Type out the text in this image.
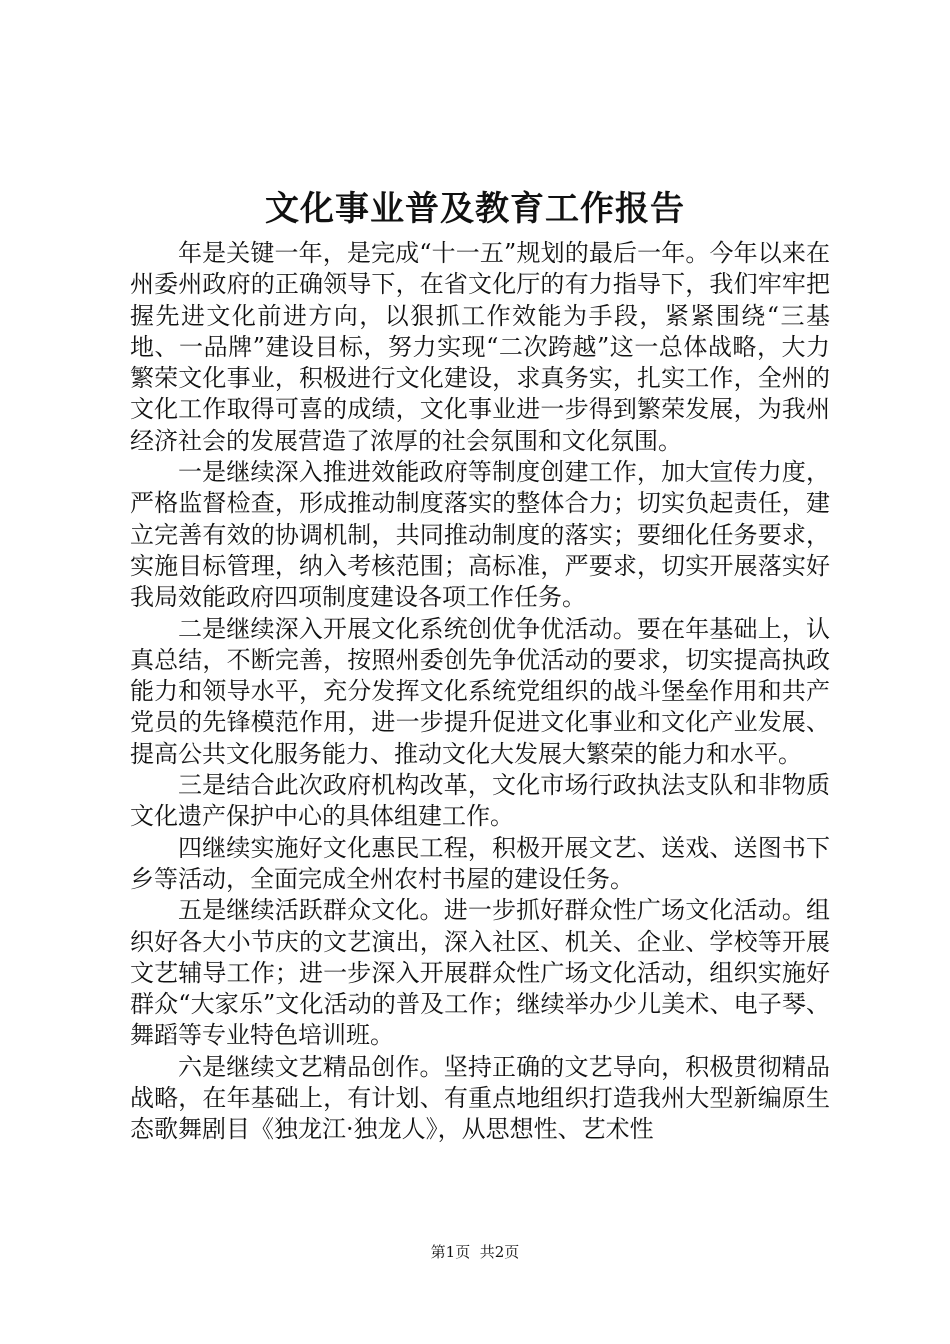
文化事业普及教育工作报告

年是关键一年，是完成“十一五”规划的最后一年。今年以来在州委州政府的正确领导下，在省文化厅的有力指导下，我们牢牢把握先进文化前进方向，以狠抓工作效能为手段，紧紧围绕“三基地、一品牌”建设目标，努力实现“二次跨越”这一总体战略，大力繁荣文化事业，积极进行文化建设，求真务实，扎实工作，全州的文化工作取得可喜的成绩，文化事业进一步得到繁荣发展，为我州经济社会的发展营造了浓厚的社会氛围和文化氛围。

一是继续深入推进效能政府等制度创建工作，加大宣传力度，严格监督检查，形成推动制度落实的整体合力；切实负起责任，建立完善有效的协调机制，共同推动制度的落实；要细化任务要求，实施目标管理，纳入考核范围；高标准，严要求，切实开展落实好我局效能政府四项制度建设各项工作任务。

二是继续深入开展文化系统创优争优活动。要在年基础上，认真总结，不断完善，按照州委创先争优活动的要求，切实提高执政能力和领导水平，充分发挥文化系统党组织的战斗堡垒作用和共产党员的先锋模范作用，进一步提升促进文化事业和文化产业发展、提高公共文化服务能力、推动文化大发展大繁荣的能力和水平。

三是结合此次政府机构改革，文化市场行政执法支队和非物质文化遗产保护中心的具体组建工作。

四继续实施好文化惠民工程，积极开展文艺、送戏、送图书下乡等活动，全面完成全州农村书屋的建设任务。

五是继续活跃群众文化。进一步抓好群众性广场文化活动。组织好各大小节庆的文艺演出，深入社区、机关、企业、学校等开展文艺辅导工作；进一步深入开展群众性广场文化活动，组织实施好群众“大家乐”文化活动的普及工作；继续举办少儿美术、电子琴、舞蹈等专业特色培训班。

六是继续文艺精品创作。坚持正确的文艺导向，积极贯彻精品战略，在年基础上，有计划、有重点地组织打造我州大型新编原生态歌舞剧目《独龙江·独龙人》，从思想性、艺术性

第1页 共2页
